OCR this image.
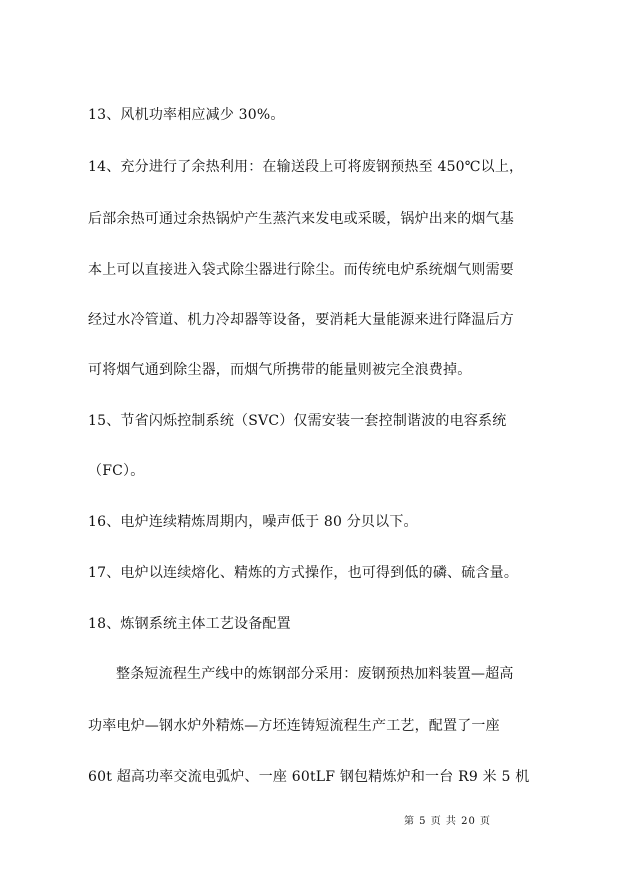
13、风机功率相应减少 30%。
14、充分进行了余热利用：在输送段上可将废钢预热至 450℃以上，
后部余热可通过余热锅炉产生蒸汽来发电或采暖，锅炉出来的烟气基
本上可以直接进入袋式除尘器进行除尘。而传统电炉系统烟气则需要
经过水冷管道、机力冷却器等设备，要消耗大量能源来进行降温后方
可将烟气通到除尘器，而烟气所携带的能量则被完全浪费掉。
15、节省闪烁控制系统（SVC）仅需安装一套控制谐波的电容系统
（FC）。
16、电炉连续精炼周期内，噪声低于 80 分贝以下。
17、电炉以连续熔化、精炼的方式操作，也可得到低的磷、硫含量。
18、炼钢系统主体工艺设备配置
整条短流程生产线中的炼钢部分采用：废钢预热加料装置—超高
功率电炉—钢水炉外精炼—方坯连铸短流程生产工艺，配置了一座
60t 超高功率交流电弧炉、一座 60tLF 钢包精炼炉和一台 R9 米 5 机
第 5 页 共 20 页
